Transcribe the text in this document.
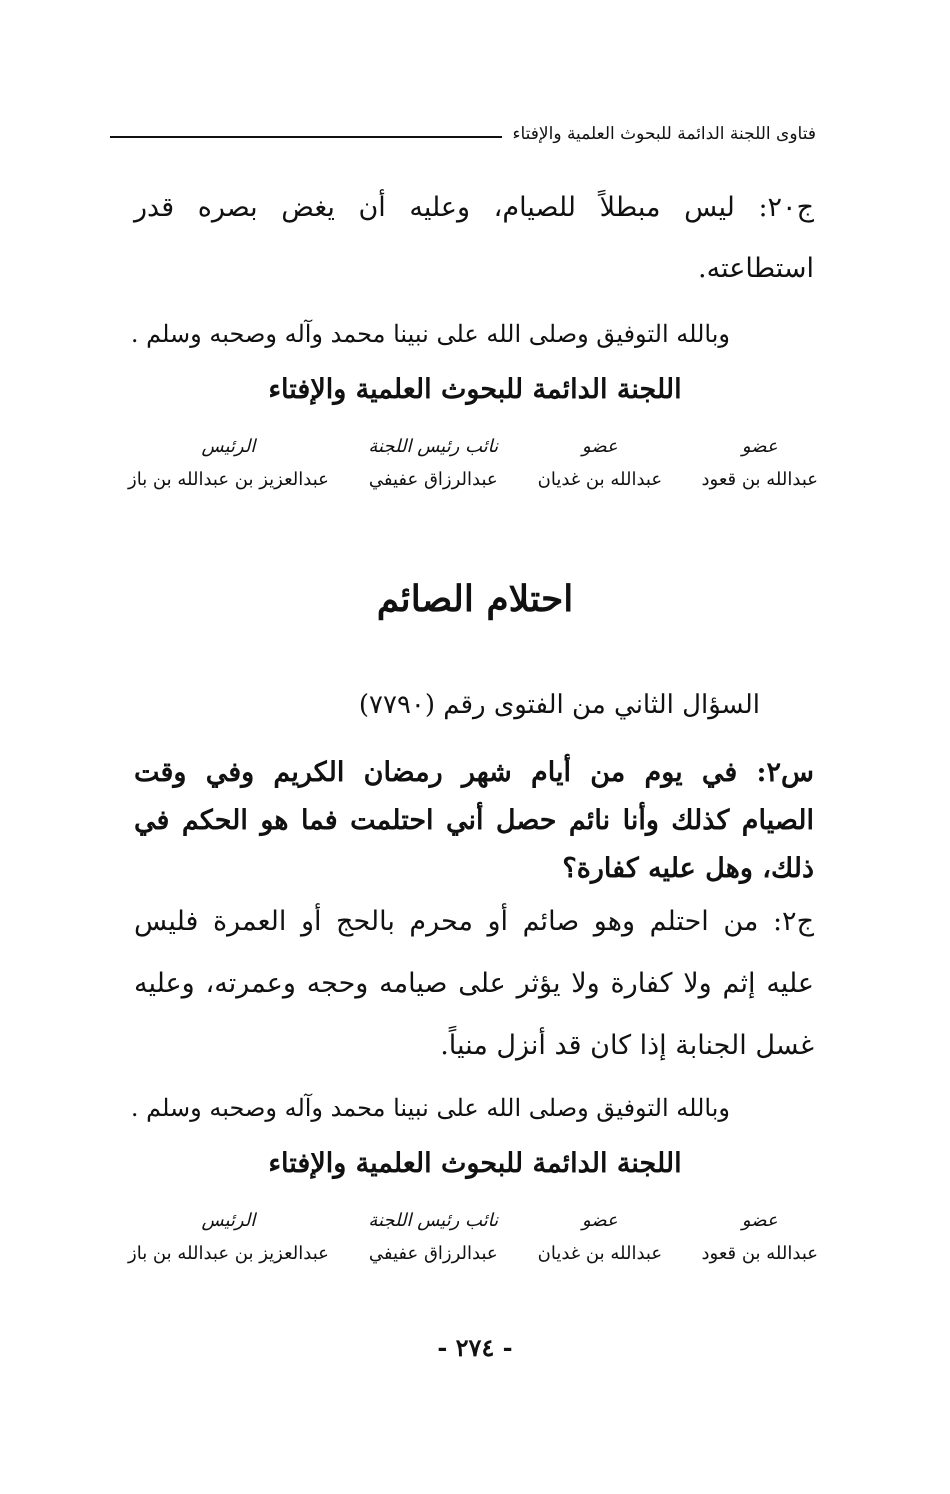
فتاوى اللجنة الدائمة للبحوث العلمية والإفتاء
ج٢٠: ليس مبطلاً للصيام، وعليه أن يغض بصره قدر
استطاعته.
وبالله التوفيق وصلى الله على نبينا محمد وآله وصحبه وسلم .
اللجنة الدائمة للبحوث العلمية والإفتاء
عضو
عبدالله بن قعود
عضو
عبدالله بن غديان
نائب رئيس اللجنة
عبدالرزاق عفيفي
الرئيس
عبدالعزيز بن عبدالله بن باز
احتلام الصائم
السؤال الثاني من الفتوى رقم (٧٧٩٠)
س٢: في يوم من أيام شهر رمضان الكريم وفي وقت
الصيام كذلك وأنا نائم حصل أني احتلمت فما هو الحكم في
ذلك، وهل عليه كفارة؟
ج٢: من احتلم وهو صائم أو محرم بالحج أو العمرة فليس
عليه إثم ولا كفارة ولا يؤثر على صيامه وحجه وعمرته، وعليه
غسل الجنابة إذا كان قد أنزل منياً.
وبالله التوفيق وصلى الله على نبينا محمد وآله وصحبه وسلم .
اللجنة الدائمة للبحوث العلمية والإفتاء
عضو
عبدالله بن قعود
عضو
عبدالله بن غديان
نائب رئيس اللجنة
عبدالرزاق عفيفي
الرئيس
عبدالعزيز بن عبدالله بن باز
- ٢٧٤ -
